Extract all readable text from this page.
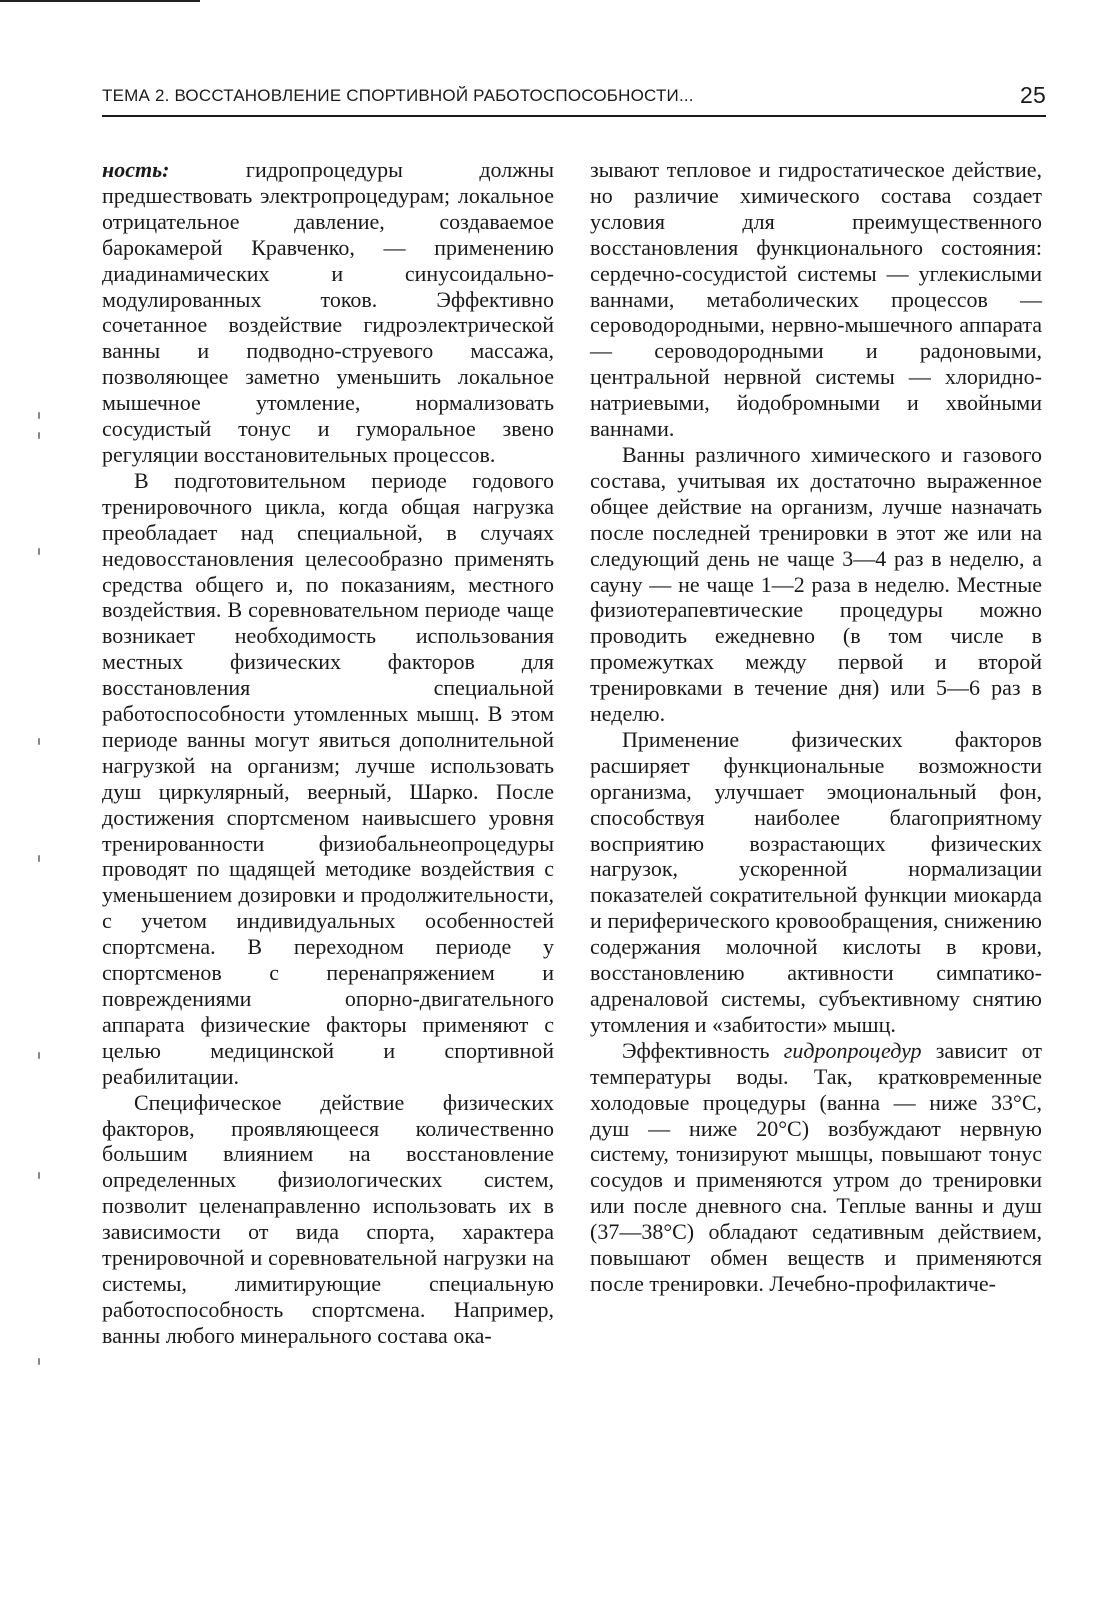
ТЕМА 2. ВОССТАНОВЛЕНИЕ СПОРТИВНОЙ РАБОТОСПОСОБНОСТИ...	25

ность: гидропроцедуры должны предшествовать электропроцедурам; локальное отрицательное давление, создаваемое барокамерой Кравченко, — применению диадинамических и синусоидально-модулированных токов. Эффективно сочетанное воздействие гидроэлектрической ванны и подводно-струевого массажа, позволяющее заметно уменьшить локальное мышечное утомление, нормализовать сосудистый тонус и гуморальное звено регуляции восстановительных процессов.

В подготовительном периоде годового тренировочного цикла, когда общая нагрузка преобладает над специальной, в случаях недовосстановления целесообразно применять средства общего и, по показаниям, местного воздействия. В соревновательном периоде чаще возникает необходимость использования местных физических факторов для восстановления специальной работоспособности утомленных мышц. В этом периоде ванны могут явиться дополнительной нагрузкой на организм; лучше использовать душ циркулярный, веерный, Шарко. После достижения спортсменом наивысшего уровня тренированности физиобальнеопроцедуры проводят по щадящей методике воздействия с уменьшением дозировки и продолжительности, с учетом индивидуальных особенностей спортсмена. В переходном периоде у спортсменов с перенапряжением и повреждениями опорно-двигательного аппарата физические факторы применяют с целью медицинской и спортивной реабилитации.

Специфическое действие физических факторов, проявляющееся количественно большим влиянием на восстановление определенных физиологических систем, позволит целенаправленно использовать их в зависимости от вида спорта, характера тренировочной и соревновательной нагрузки на системы, лимитирующие специальную работоспособность спортсмена. Например, ванны любого минерального состава ока-

зывают тепловое и гидростатическое действие, но различие химического состава создает условия для преимущественного восстановления функционального состояния: сердечно-сосудистой системы — углекислыми ваннами, метаболических процессов — сероводородными, нервно-мышечного аппарата — сероводородными и радоновыми, центральной нервной системы — хлоридно-натриевыми, йодобромными и хвойными ваннами.

Ванны различного химического и газового состава, учитывая их достаточно выраженное общее действие на организм, лучше назначать после последней тренировки в этот же или на следующий день не чаще 3—4 раз в неделю, а сауну — не чаще 1—2 раза в неделю. Местные физиотерапевтические процедуры можно проводить ежедневно (в том числе в промежутках между первой и второй тренировками в течение дня) или 5—6 раз в неделю.

Применение физических факторов расширяет функциональные возможности организма, улучшает эмоциональный фон, способствуя наиболее благоприятному восприятию возрастающих физических нагрузок, ускоренной нормализации показателей сократительной функции миокарда и периферического кровообращения, снижению содержания молочной кислоты в крови, восстановлению активности симпатико-адреналовой системы, субъективному снятию утомления и «забитости» мышц.

Эффективность гидропроцедур зависит от температуры воды. Так, кратковременные холодовые процедуры (ванна — ниже 33°С, душ — ниже 20°С) возбуждают нервную систему, тонизируют мышцы, повышают тонус сосудов и применяются утром до тренировки или после дневного сна. Теплые ванны и душ (37—38°С) обладают седативным действием, повышают обмен веществ и применяются после тренировки. Лечебно-профилактиче-
